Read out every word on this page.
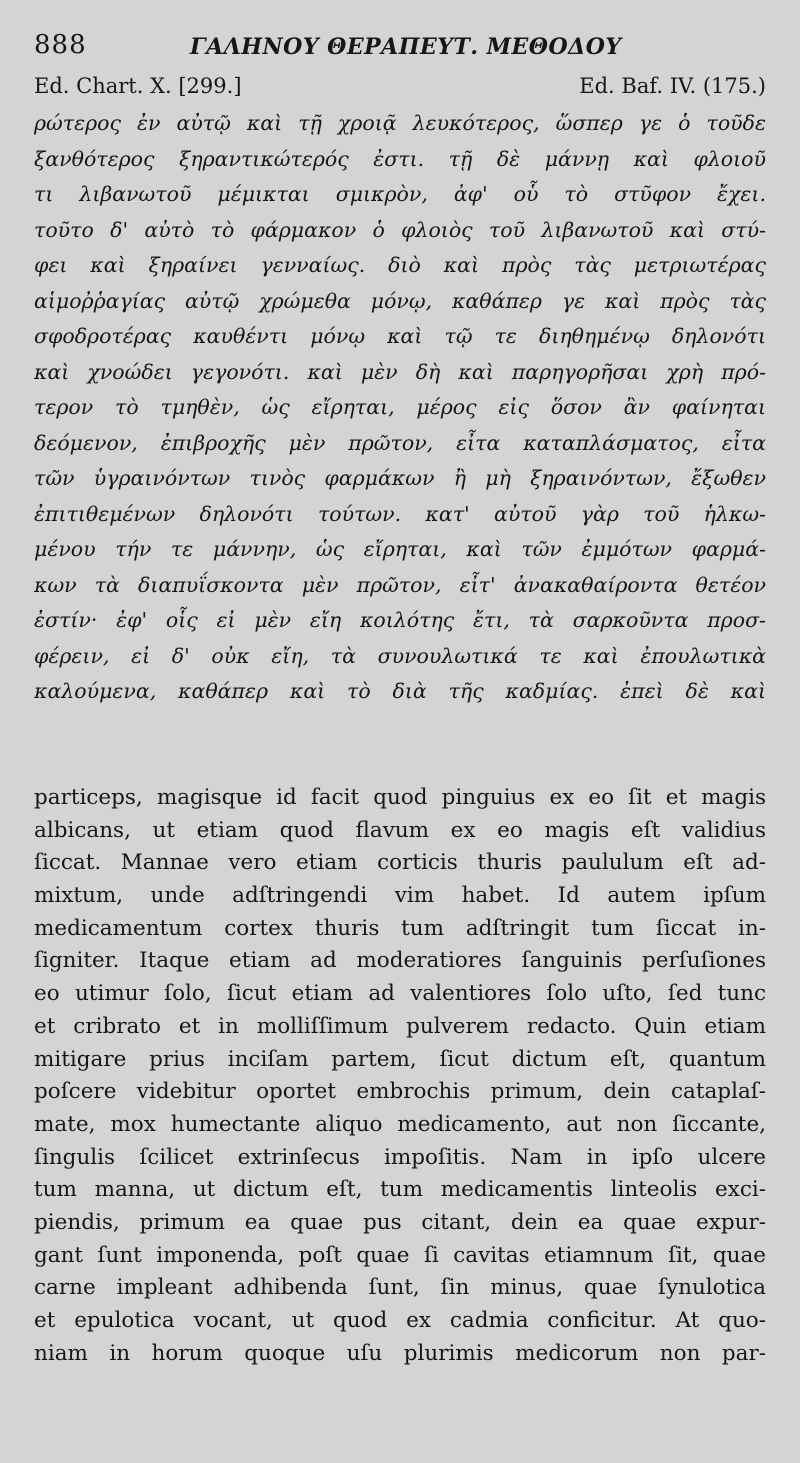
888	ΓΑΛΗΝΟΥ ΘΕΡΑΠΕΥΤ. ΜΕΘΟΔΟΥ
Ed. Chart. X. [299.]	Ed. Baf. IV. (175.)
ρώτερος ἐν αὐτῷ καὶ τῇ χροιᾷ λευκότερος, ὥσπερ γε ὁ τοῦδε
ξανθότερος ξηραντικώτερός ἐστι. τῇ δὲ μάννῃ καὶ φλοιοῦ
τι λιβανωτοῦ μέμικται σμικρὸν, ἀφ' οὗ τὸ στῦφον ἔχει.
τοῦτο δ' αὐτὸ τὸ φάρμακον ὁ φλοιὸς τοῦ λιβανωτοῦ καὶ στύ-
φει καὶ ξηραίνει γενναίως. διὸ καὶ πρὸς τὰς μετριωτέρας
αἱμοῤῥαγίας αὐτῷ χρώμεθα μόνῳ, καθάπερ γε καὶ πρὸς τὰς
σφοδροτέρας καυθέντι μόνῳ καὶ τῷ τε διηθημένῳ δηλονότι
καὶ χνοώδει γεγονότι. καὶ μὲν δὴ καὶ παρηγορῆσαι χρὴ πρό-
τερον τὸ τμηθὲν, ὡς εἴρηται, μέρος εἰς ὅσον ἂν φαίνηται
δεόμενον, ἐπιβροχῆς μὲν πρῶτον, εἶτα καταπλάσματος, εἶτα
τῶν ὑγραινόντων τινὸς φαρμάκων ἢ μὴ ξηραινόντων, ἔξωθεν
ἐπιτιθεμένων δηλονότι τούτων. κατ' αὐτοῦ γὰρ τοῦ ἡλκω-
μένου τήν τε μάννην, ὡς εἴρηται, καὶ τῶν ἐμμότων φαρμά-
κων τὰ διαπυΐσκοντα μὲν πρῶτον, εἶτ' ἀνακαθαίροντα θετέον
ἐστίν· ἐφ' οἷς εἰ μὲν εἴη κοιλότης ἔτι, τὰ σαρκοῦντα προσ-
φέρειν, εἰ δ' οὐκ εἴη, τὰ συνουλωτικά τε καὶ ἐπουλωτικὰ
καλούμενα, καθάπερ καὶ τὸ διὰ τῆς καδμίας. ἐπεὶ δὲ καὶ
particeps, magisque id facit quod pinguius ex eo ſit et magis
albicans, ut etiam quod flavum ex eo magis eſt validius
ſiccat. Mannae vero etiam corticis thuris paululum eſt ad-
mixtum, unde adſtringendi vim habet. Id autem ipſum
medicamentum cortex thuris tum adſtringit tum ſiccat in-
ſigniter. Itaque etiam ad moderatiores ſanguinis perſuſiones
eo utimur ſolo, ſicut etiam ad valentiores ſolo uſto, ſed tunc
et cribrato et in molliſſimum pulverem redacto. Quin etiam
mitigare prius inciſam partem, ſicut dictum eſt, quantum
poſcere videbitur oportet embrochis primum, dein cataplaſ-
mate, mox humectante aliquo medicamento, aut non ſiccante,
ſingulis ſcilicet extrinſecus impoſitis. Nam in ipſo ulcere
tum manna, ut dictum eſt, tum medicamentis linteolis exci-
piendis, primum ea quae pus citant, dein ea quae expur-
gant ſunt imponenda, poſt quae ſi cavitas etiamnum ſit, quae
carne impleant adhibenda ſunt, ſin minus, quae ſynulotica
et epulotica vocant, ut quod ex cadmia conficitur. At quo-
niam in horum quoque uſu plurimis medicorum non par-
